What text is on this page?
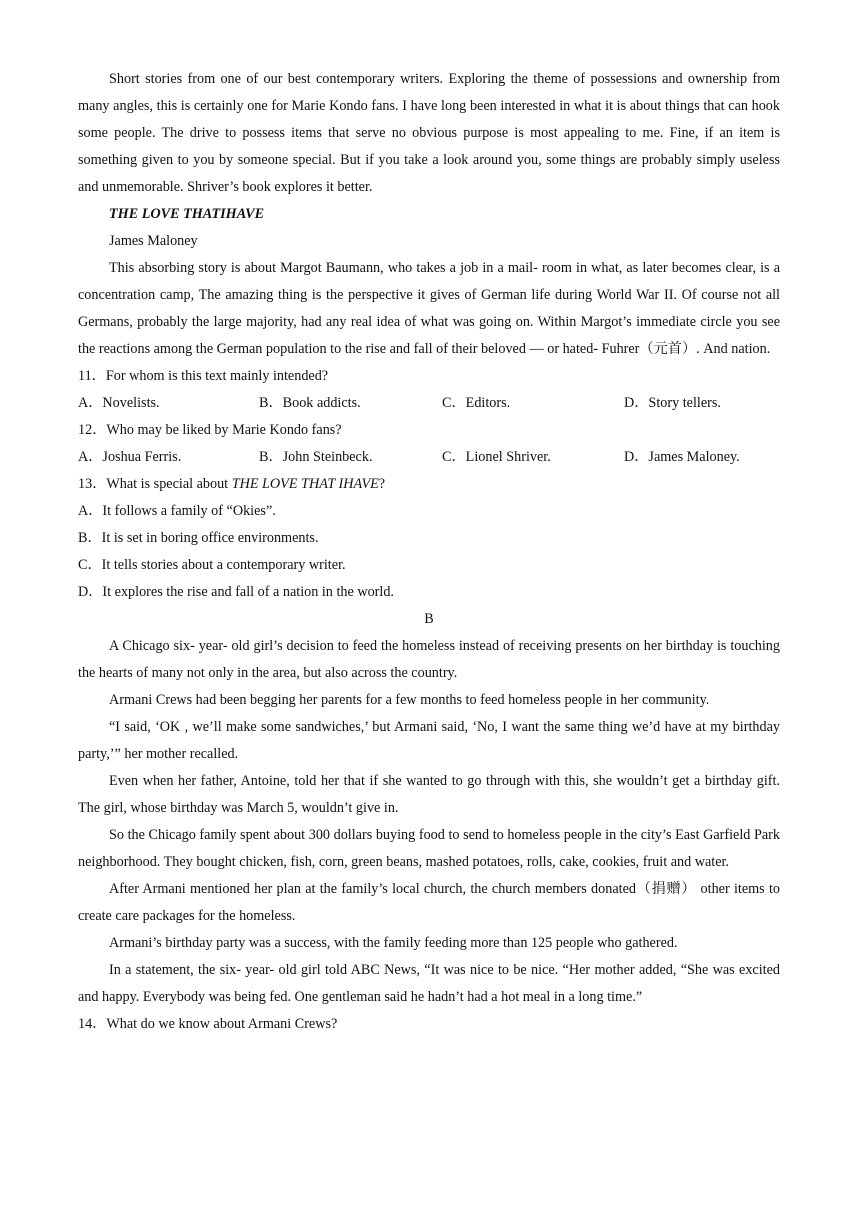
Short stories from one of our best contemporary writers. Exploring the theme of possessions and ownership from many angles, this is certainly one for Marie Kondo fans. I have long been interested in what it is about things that can hook some people. The drive to possess items that serve no obvious purpose is most appealing to me. Fine, if an item is something given to you by someone special. But if you take a look around you, some things are probably simply useless and unmemorable. Shriver’s book explores it better.

THE LOVE THATIHAVE

James Maloney

This absorbing story is about Margot Baumann, who takes a job in a mail- room in what, as later becomes clear, is a concentration camp, The amazing thing is the perspective it gives of German life during World War II. Of course not all Germans, probably the large majority, had any real idea of what was going on. Within Margot’s immediate circle you see the reactions among the German population to the rise and fall of their beloved — or hated- Fuhrer（元首）. And nation.

11．For whom is this text mainly intended?
A．Novelists.	B．Book addicts.	C．Editors.	D．Story tellers.
12．Who may be liked by Marie Kondo fans?
A．Joshua Ferris.	B．John Steinbeck.	C．Lionel Shriver.	D．James Maloney.
13．What is special about THE LOVE THAT IHAVE?
A．It follows a family of “Okies”.
B．It is set in boring office environments.
C．It tells stories about a contemporary writer.
D．It explores the rise and fall of a nation in the world.
B

A Chicago six- year- old girl’s decision to feed the homeless instead of receiving presents on her birthday is touching the hearts of many not only in the area, but also across the country.

Armani Crews had been begging her parents for a few months to feed homeless people in her community.

“I said, ‘OK , we’ll make some sandwiches,’ but Armani said, ‘No, I want the same thing we’d have at my birthday party,’” her mother recalled.

Even when her father, Antoine, told her that if she wanted to go through with this, she wouldn’t get a birthday gift. The girl, whose birthday was March 5, wouldn’t give in.

So the Chicago family spent about 300 dollars buying food to send to homeless people in the city’s East Garfield Park neighborhood. They bought chicken, fish, corn, green beans, mashed potatoes, rolls, cake, cookies, fruit and water.

After Armani mentioned her plan at the family’s local church, the church members donated（捐赠） other items to create care packages for the homeless.

Armani’s birthday party was a success, with the family feeding more than 125 people who gathered.

In a statement, the six- year- old girl told ABC News, “It was nice to be nice. “Her mother added, “She was excited and happy. Everybody was being fed. One gentleman said he hadn’t had a hot meal in a long time.”

14．What do we know about Armani Crews?
